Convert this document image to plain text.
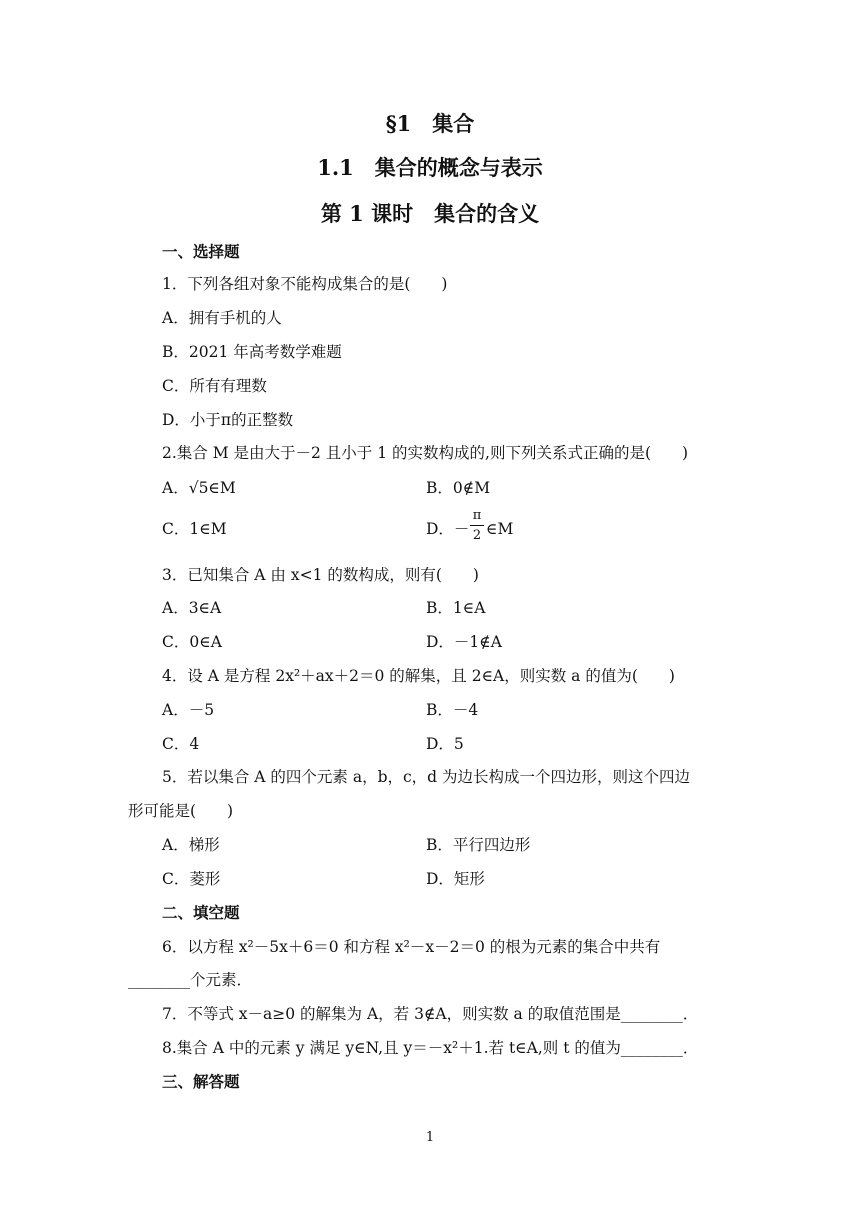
§1　集合
1.1　集合的概念与表示
第 1 课时　集合的含义
一、选择题
1．下列各组对象不能构成集合的是(　　)
A．拥有手机的人
B．2021 年高考数学难题
C．所有有理数
D．小于π的正整数
2.集合 M 是由大于－2 且小于 1 的实数构成的,则下列关系式正确的是(　　)
A．√5∈M	B．0∉M
C．1∈M	D．－
π
2 ∈M
3．已知集合 A 由 x<1 的数构成，则有(　　)
A．3∈A	B．1∈A
C．0∈A	D．－1∉A
4．设 A 是方程 2x²＋ax＋2＝0 的解集，且 2∈A，则实数 a 的值为(　　)
A．－5	B．－4
C．4	D．5
5．若以集合 A 的四个元素 a，b，c，d 为边长构成一个四边形，则这个四边
形可能是(　　)
A．梯形	B．平行四边形
C．菱形	D．矩形
二、填空题
6．以方程 x²－5x＋6＝0 和方程 x²－x－2＝0 的根为元素的集合中共有
________个元素．
7．不等式 x－a≥0 的解集为 A，若 3∉A，则实数 a 的取值范围是________．
8.集合 A 中的元素 y 满足 y∈N,且 y＝－x²＋1.若 t∈A,则 t 的值为________．
三、解答题
1
